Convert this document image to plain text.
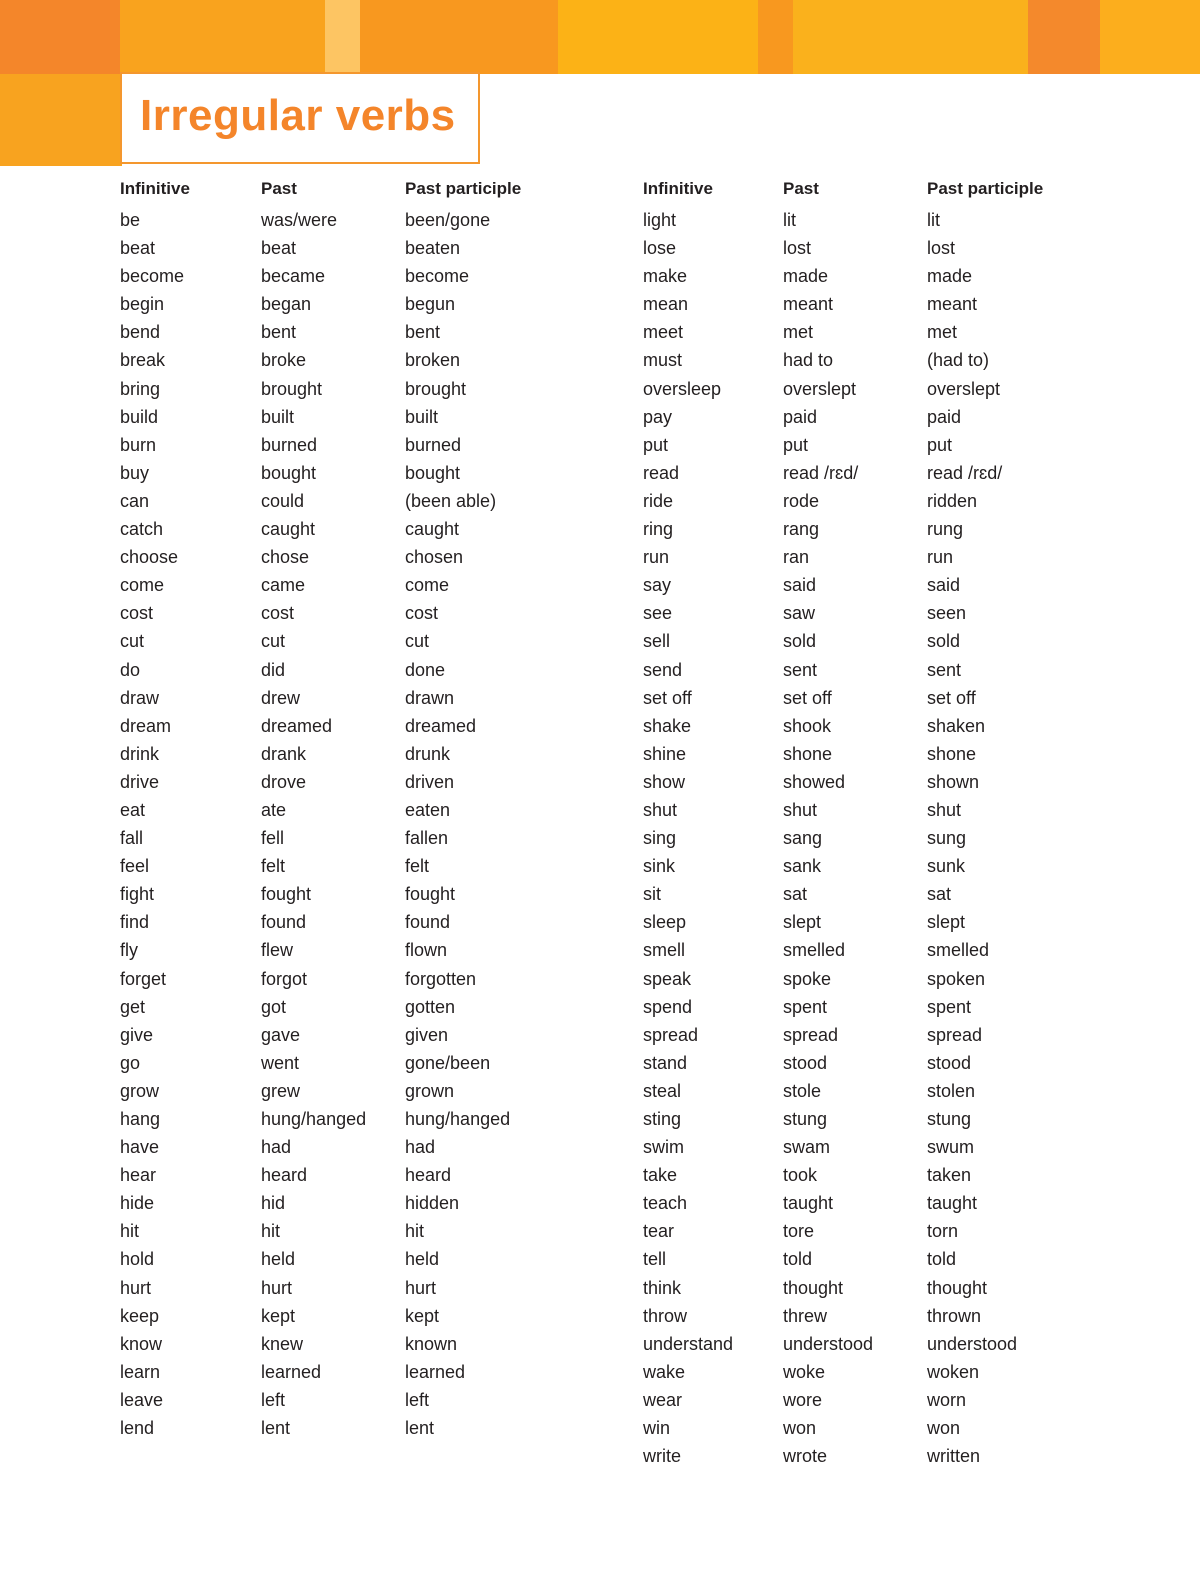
Irregular verbs
Infinitive
be
beat
become
begin
bend
break
bring
build
burn
buy
can
catch
choose
come
cost
cut
do
draw
dream
drink
drive
eat
fall
feel
fight
find
fly
forget
get
give
go
grow
hang
have
hear
hide
hit
hold
hurt
keep
know
learn
leave
lend
Past
was/were
beat
became
began
bent
broke
brought
built
burned
bought
could
caught
chose
came
cost
cut
did
drew
dreamed
drank
drove
ate
fell
felt
fought
found
flew
forgot
got
gave
went
grew
hung/hanged
had
heard
hid
hit
held
hurt
kept
knew
learned
left
lent
Past participle
been/gone
beaten
become
begun
bent
broken
brought
built
burned
bought
(been able)
caught
chosen
come
cost
cut
done
drawn
dreamed
drunk
driven
eaten
fallen
felt
fought
found
flown
forgotten
gotten
given
gone/been
grown
hung/hanged
had
heard
hidden
hit
held
hurt
kept
known
learned
left
lent
Infinitive
light
lose
make
mean
meet
must
oversleep
pay
put
read
ride
ring
run
say
see
sell
send
set off
shake
shine
show
shut
sing
sink
sit
sleep
smell
speak
spend
spread
stand
steal
sting
swim
take
teach
tear
tell
think
throw
understand
wake
wear
win
write
Past
lit
lost
made
meant
met
had to
overslept
paid
put
read /rɛd/
rode
rang
ran
said
saw
sold
sent
set off
shook
shone
showed
shut
sang
sank
sat
slept
smelled
spoke
spent
spread
stood
stole
stung
swam
took
taught
tore
told
thought
threw
understood
woke
wore
won
wrote
Past participle
lit
lost
made
meant
met
(had to)
overslept
paid
put
read /rɛd/
ridden
rung
run
said
seen
sold
sent
set off
shaken
shone
shown
shut
sung
sunk
sat
slept
smelled
spoken
spent
spread
stood
stolen
stung
swum
taken
taught
torn
told
thought
thrown
understood
woken
worn
won
written
